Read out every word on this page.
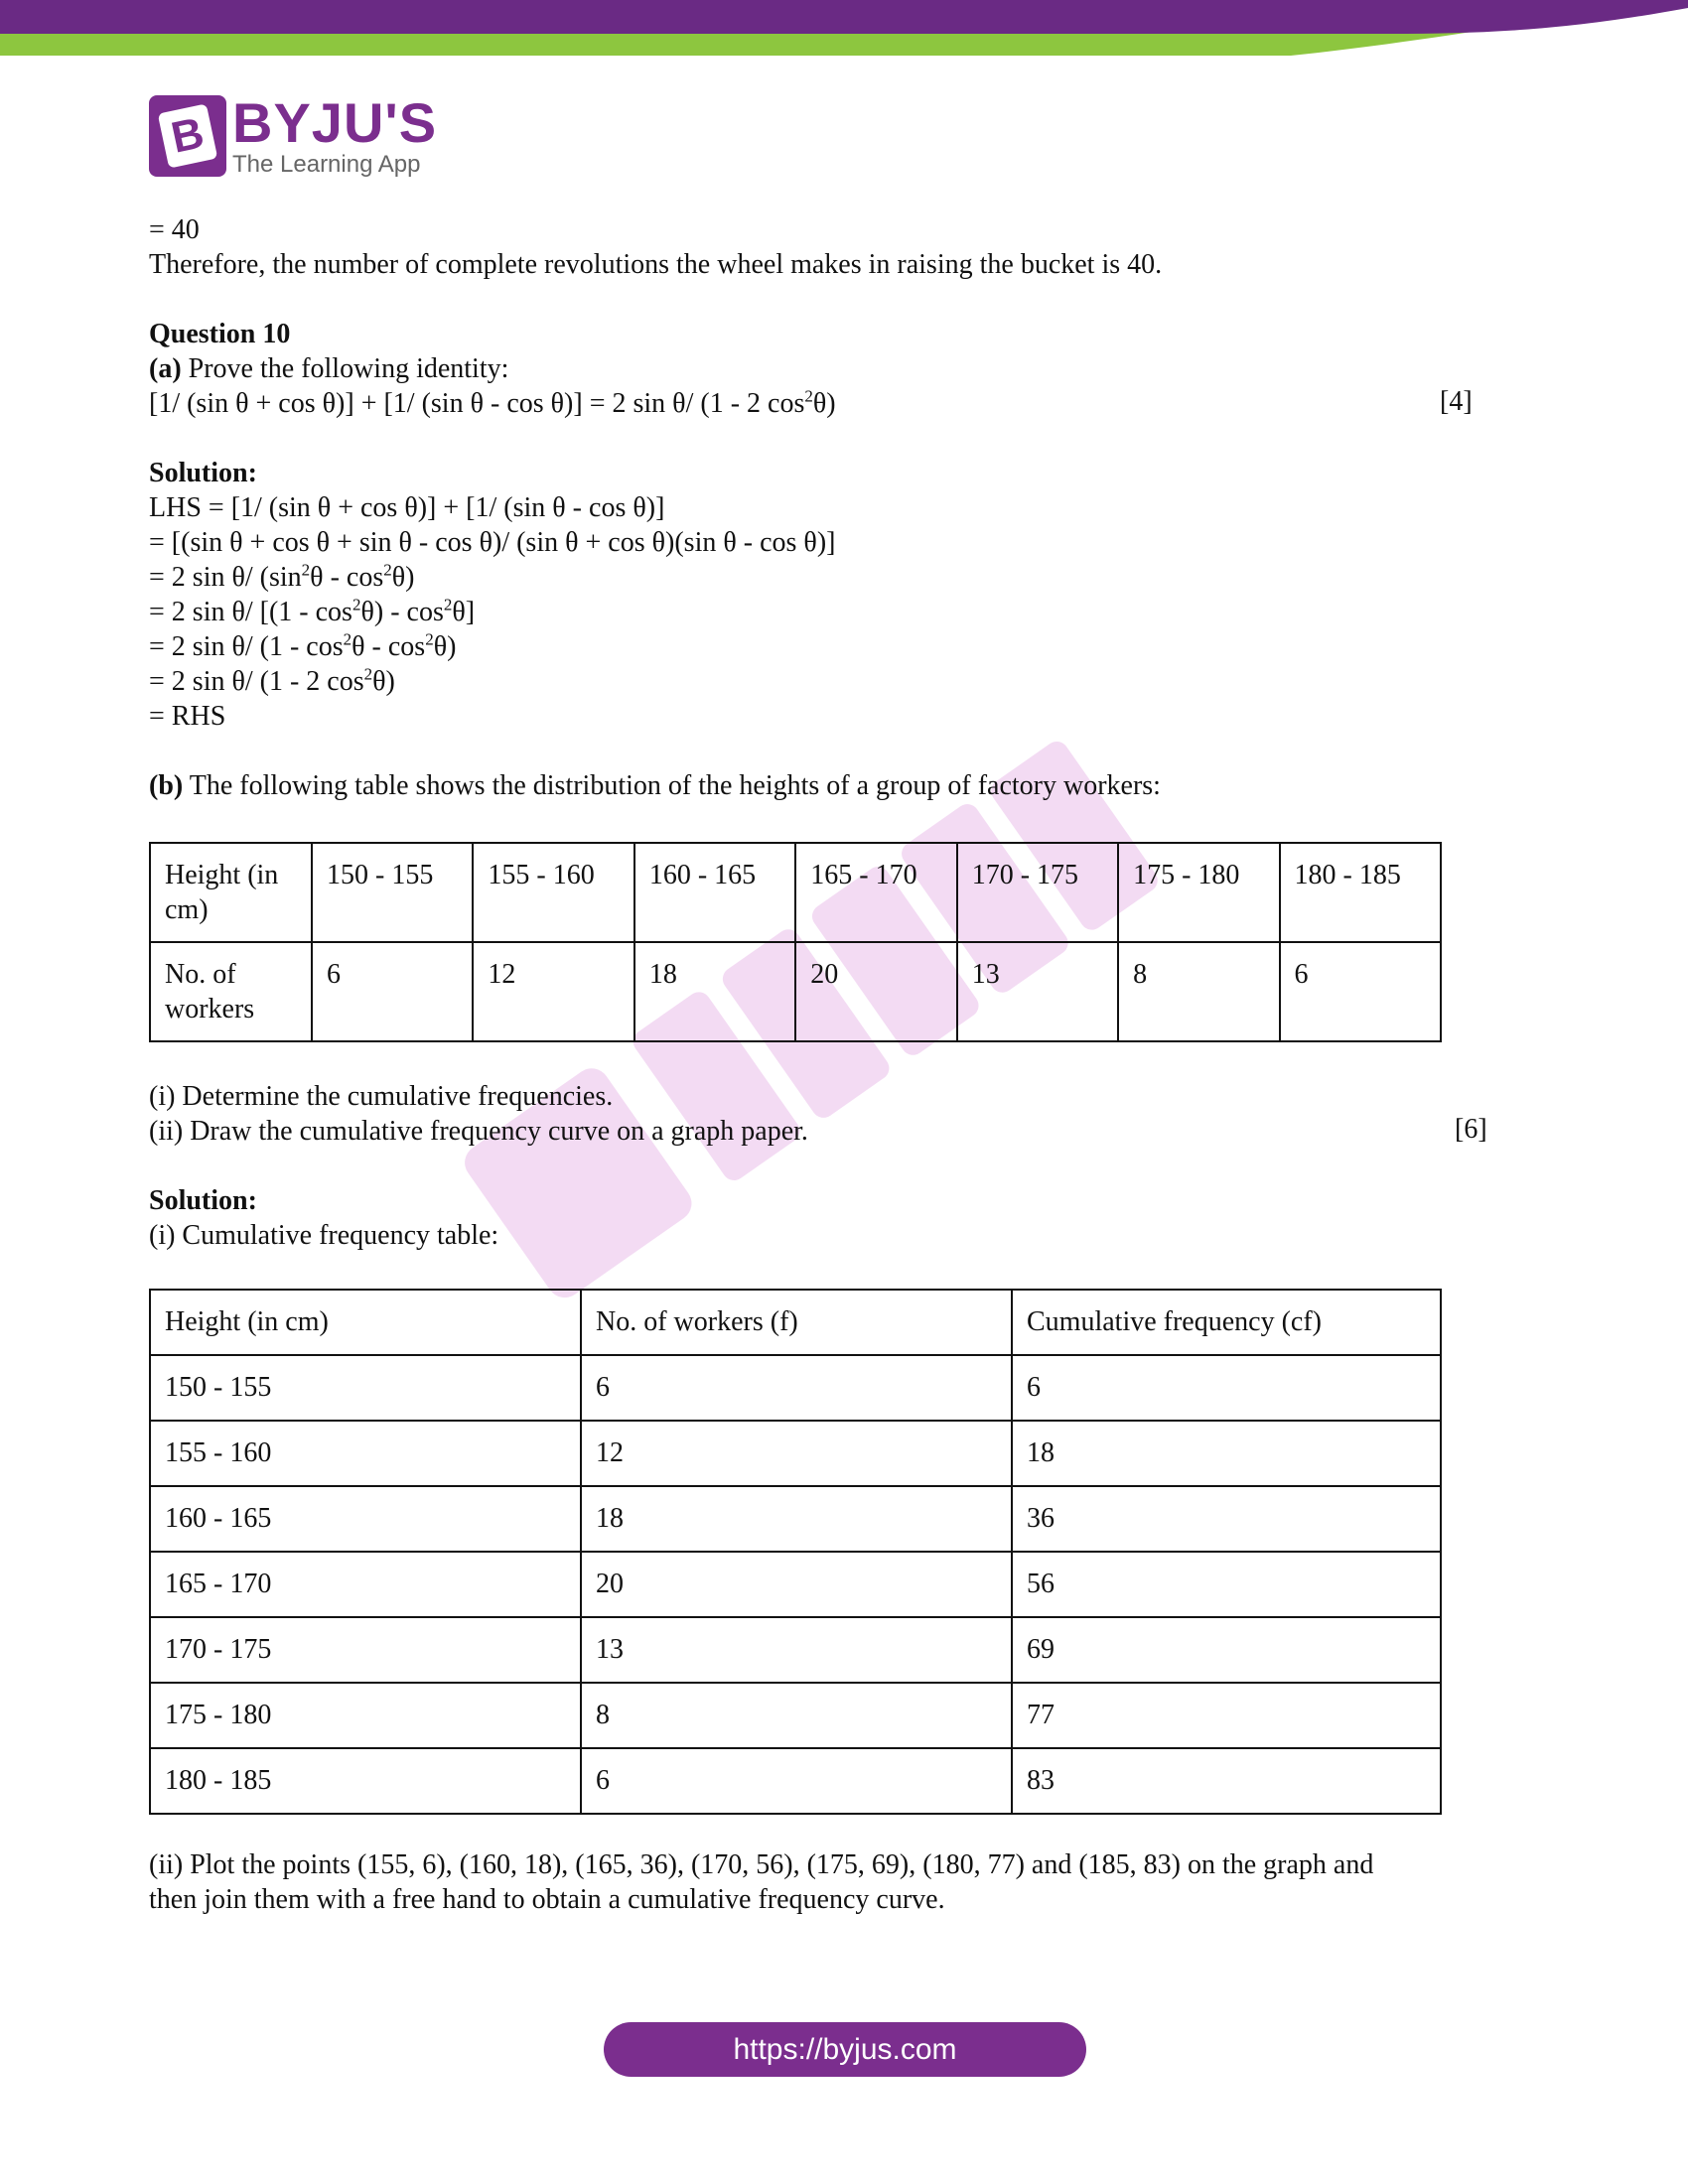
B BYJU'S
The Learning App
= 40
Therefore, the number of complete revolutions the wheel makes in raising the bucket is 40.
Question 10
(a) Prove the following identity:
[1/ (sin θ + cos θ)] + [1/ (sin θ - cos θ)] = 2 sin θ/ (1 - 2 $\cos^2\theta$)
Solution:
LHS = [1/ (sin θ + cos θ)] + [1/ (sin θ - cos θ)]
= [(sin θ + cos θ + sin θ - cos θ)/ (sin θ + cos θ)(sin θ - cos θ)]
= 2 sin θ/ $(\sin^2\theta - \cos^2\theta)$
= 2 sin θ/ $[(1 - \cos^2\theta) - \cos^2\theta]$
= 2 sin θ/ $(1 - \cos^2\theta - \cos^2\theta)$
= 2 sin θ/ (1 - 2 $\cos^2\theta$)
= RHS
(b) The following table shows the distribution of the heights of a group of factory workers:
[4]
Height (in cm)	150 - 155	155 - 160	160 - 165	165 - 170	170 - 175	175 - 180	180 - 185
No. of workers	6	12	18	20	13	8	6
(i) Determine the cumulative frequencies.
(ii) Draw the cumulative frequency curve on a graph paper.
Solution:
(i) Cumulative frequency table:
[6]
Height (in cm)	No. of workers (f)	Cumulative frequency (cf)
150 - 155	6	6
155 - 160	12	18
160 - 165	18	36
165 - 170	20	56
170 - 175	13	69
175 - 180	8	77
180 - 185	6	83
(ii) Plot the points (155, 6), (160, 18), (165, 36), (170, 56), (175, 69), (180, 77) and (185, 83) on the graph and
then join them with a free hand to obtain a cumulative frequency curve.
https://byjus.com
